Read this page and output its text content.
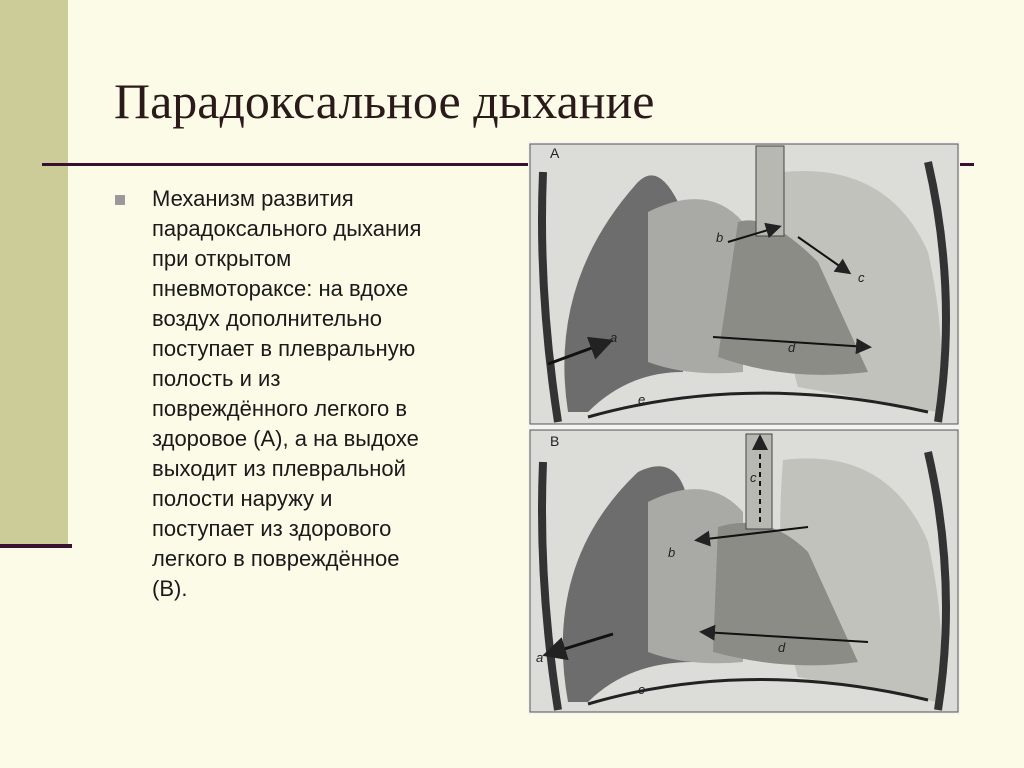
Парадоксальное дыхание
Механизм развития
парадоксального дыхания
при открытом
пневмотораксе: на вдохе
воздух дополнительно
поступает в плевральную
полость и из
повреждённого легкого в
здоровое (А), а на выдохе
выходит из плевральной
полости наружу и
поступает из здорового
легкого в повреждённое
(В).
A
a
b
c
d
e
B
a
b
c
d
e
